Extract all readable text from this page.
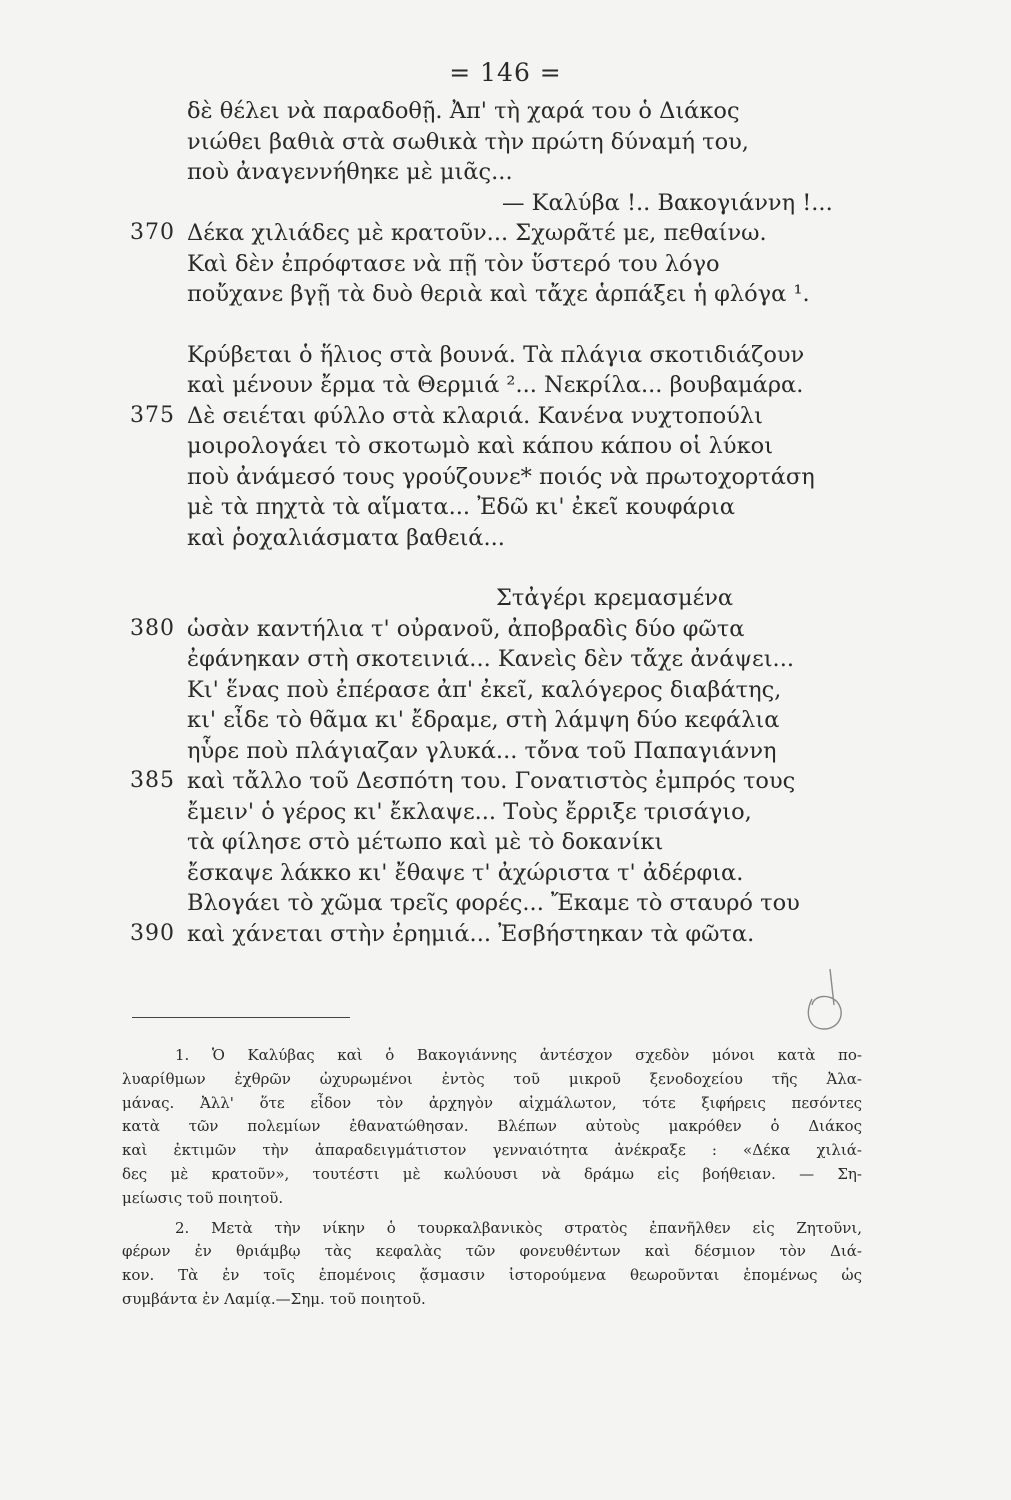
= 146 =
δὲ θέλει νὰ παραδοθῇ. Ἀπ' τὴ χαρά του ὁ Διάκος
νιώθει βαθιὰ στὰ σωθικὰ τὴν πρώτη δύναμή του,
ποὺ ἀναγεννήθηκε μὲ μιᾶς...
— Καλύβα !.. Βακογιάννη !...
370 Δέκα χιλιάδες μὲ κρατοῦν... Σχωρᾶτέ με, πεθαίνω.
Καὶ δὲν ἐπρόφτασε νὰ πῇ τὸν ὕστερό του λόγο
ποὔχανε βγῇ τὰ δυὸ θεριὰ καὶ τἄχε ἁρπάξει ἡ φλόγα ¹.
Κρύβεται ὁ ἥλιος στὰ βουνά. Τὰ πλάγια σκοτιδιάζουν
καὶ μένουν ἔρμα τὰ Θερμιά ²... Νεκρίλα... βουβαμάρα.
375 Δὲ σειέται φύλλο στὰ κλαριά. Κανένα νυχτοπούλι
μοιρολογάει τὸ σκοτωμὸ καὶ κάπου κάπου οἱ λύκοι
ποὺ ἀνάμεσό τους γρούζουνε* ποιός νὰ πρωτοχορτάση
μὲ τὰ πηχτὰ τὰ αἵματα... Ἐδῶ κι' ἐκεῖ κουφάρια
καὶ ῥοχαλιάσματα βαθειά...
Στἀγέρι κρεμασμένα
380 ὡσὰν καντήλια τ' οὐρανοῦ, ἀποβραδὶς δύο φῶτα
ἐφάνηκαν στὴ σκοτεινιά... Κανεὶς δὲν τἄχε ἀνάψει...
Κι' ἕνας ποὺ ἐπέρασε ἀπ' ἐκεῖ, καλόγερος διαβάτης,
κι' εἶδε τὸ θᾶμα κι' ἔδραμε, στὴ λάμψη δύο κεφάλια
ηὗρε ποὺ πλάγιαζαν γλυκά... τὄνα τοῦ Παπαγιάννη
385 καὶ τἄλλο τοῦ Δεσπότη του. Γονατιστὸς ἐμπρός τους
ἔμειν' ὁ γέρος κι' ἔκλαψε... Τοὺς ἔρριξε τρισάγιο,
τὰ φίλησε στὸ μέτωπο καὶ μὲ τὸ δοκανίκι
ἔσκαψε λάκκο κι' ἔθαψε τ' ἀχώριστα τ' ἀδέρφια.
Βλογάει τὸ χῶμα τρεῖς φορές... Ἔκαμε τὸ σταυρό του
390 καὶ χάνεται στὴν ἐρημιά... Ἐσβήστηκαν τὰ φῶτα.
1. Ὁ Καλύβας καὶ ὁ Βακογιάννης ἀντέσχον σχεδὸν μόνοι κατὰ πο-
λυαρίθμων ἐχθρῶν ὠχυρωμένοι ἐντὸς τοῦ μικροῦ ξενοδοχείου τῆς Ἀλα-
μάνας. Ἀλλ' ὅτε εἶδον τὸν ἀρχηγὸν αἰχμάλωτον, τότε ξιφήρεις πεσόντες
κατὰ τῶν πολεμίων ἐθανατώθησαν. Βλέπων αὐτοὺς μακρόθεν ὁ Διάκος
καὶ ἐκτιμῶν τὴν ἀπαραδειγμάτιστον γενναιότητα ἀνέκραξε : «Δέκα χιλιά-
δες μὲ κρατοῦν», τουτέστι μὲ κωλύουσι νὰ δράμω εἰς βοήθειαν. — Ση-
μείωσις τοῦ ποιητοῦ.
2. Μετὰ τὴν νίκην ὁ τουρκαλβανικὸς στρατὸς ἐπανῆλθεν εἰς Ζητοῦνι,
φέρων ἐν θριάμβῳ τὰς κεφαλὰς τῶν φονευθέντων καὶ δέσμιον τὸν Διά-
κον. Τὰ ἐν τοῖς ἑπομένοις ᾄσμασιν ἱστορούμενα θεωροῦνται ἑπομένως ὡς
συμβάντα ἐν Λαμίᾳ.—Σημ. τοῦ ποιητοῦ.
